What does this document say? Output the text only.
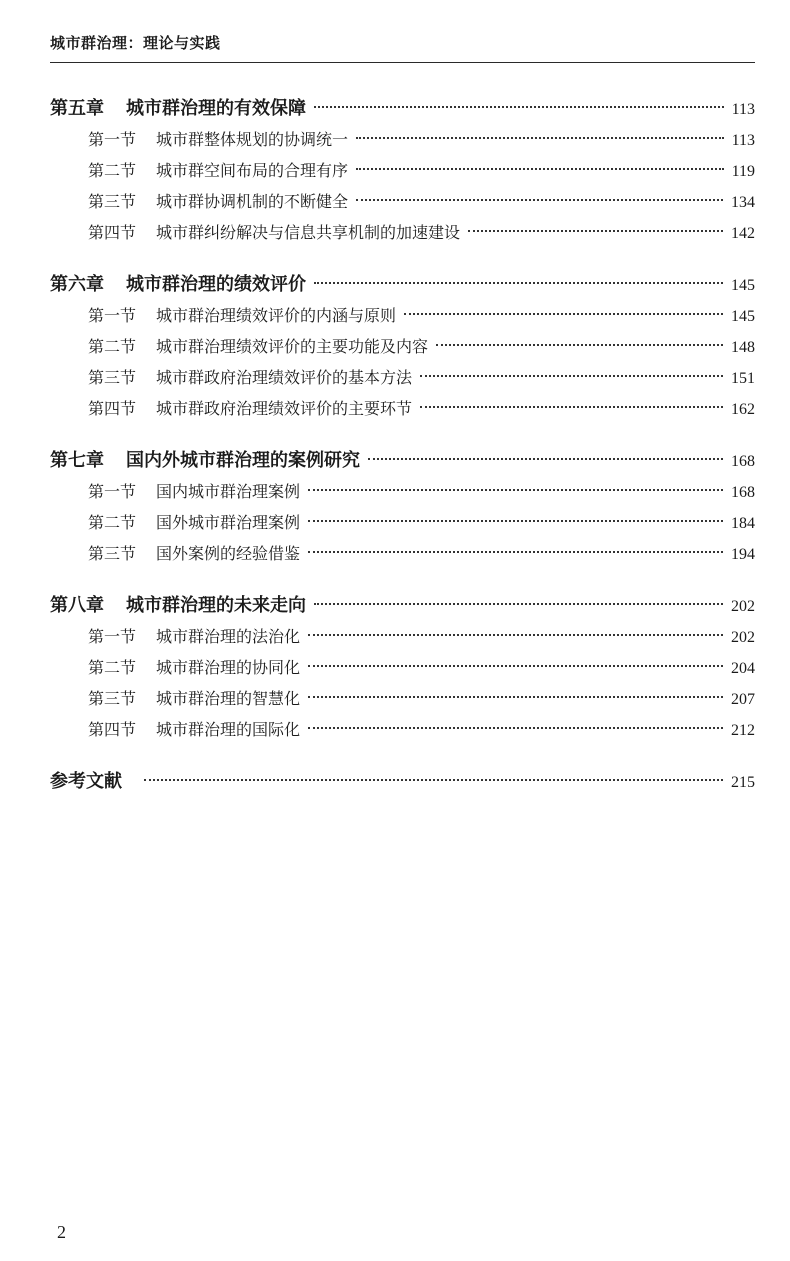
城市群治理：理论与实践
第五章 城市群治理的有效保障	113
第一节 城市群整体规划的协调统一	113
第二节 城市群空间布局的合理有序	119
第三节 城市群协调机制的不断健全	134
第四节 城市群纠纷解决与信息共享机制的加速建设	142
第六章 城市群治理的绩效评价	145
第一节 城市群治理绩效评价的内涵与原则	145
第二节 城市群治理绩效评价的主要功能及内容	148
第三节 城市群政府治理绩效评价的基本方法	151
第四节 城市群政府治理绩效评价的主要环节	162
第七章 国内外城市群治理的案例研究	168
第一节 国内城市群治理案例	168
第二节 国外城市群治理案例	184
第三节 国外案例的经验借鉴	194
第八章 城市群治理的未来走向	202
第一节 城市群治理的法治化	202
第二节 城市群治理的协同化	204
第三节 城市群治理的智慧化	207
第四节 城市群治理的国际化	212
参考文献	215
2
